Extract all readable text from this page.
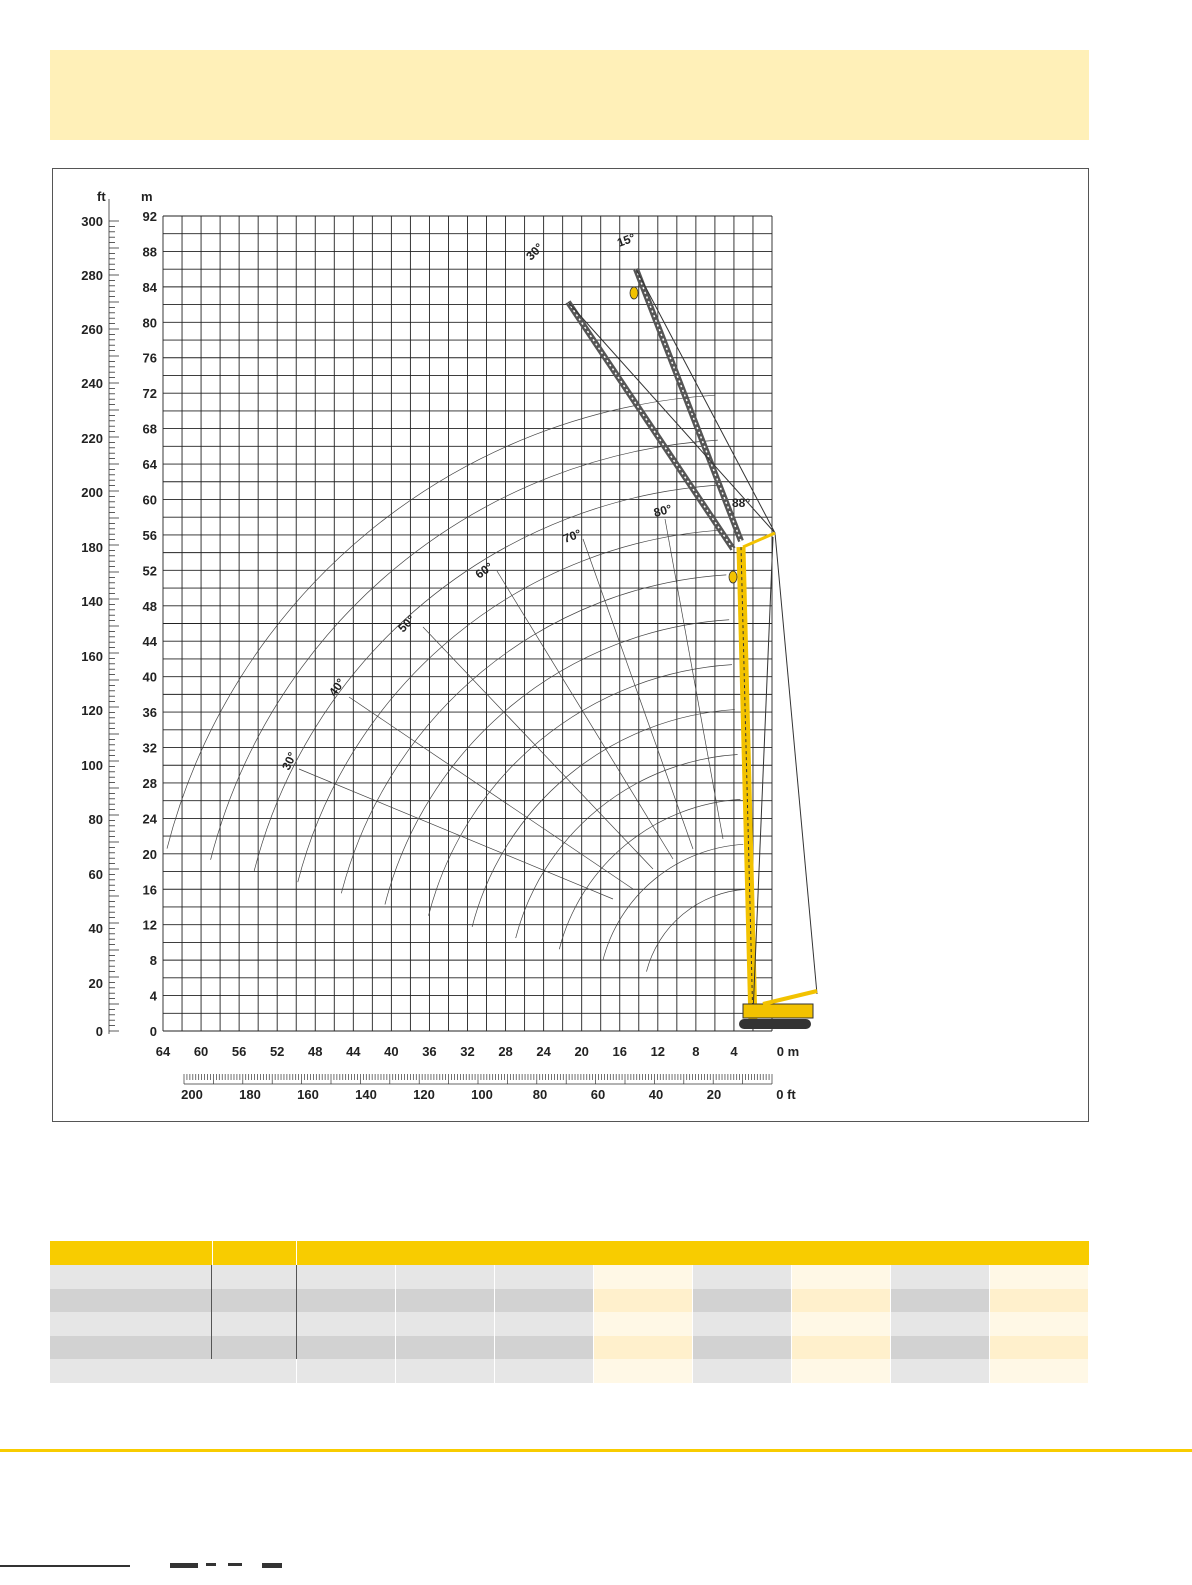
92
88
84
80
76
72
68
64
60
56
52
48
44
40
36
32
28
24
20
16
12
8
4
0
300
280
260
240
220
200
180
140
160
120
100
80
60
40
20
0
64 60 56 52 48 44 40 36 32 28 24 20 16 12 8 4	0 m
200	180	160	140	120	100	80	60	40	20	0 ft
ft	m
30°
15°
88°
80°
70°
60°
50°
40°
30°
